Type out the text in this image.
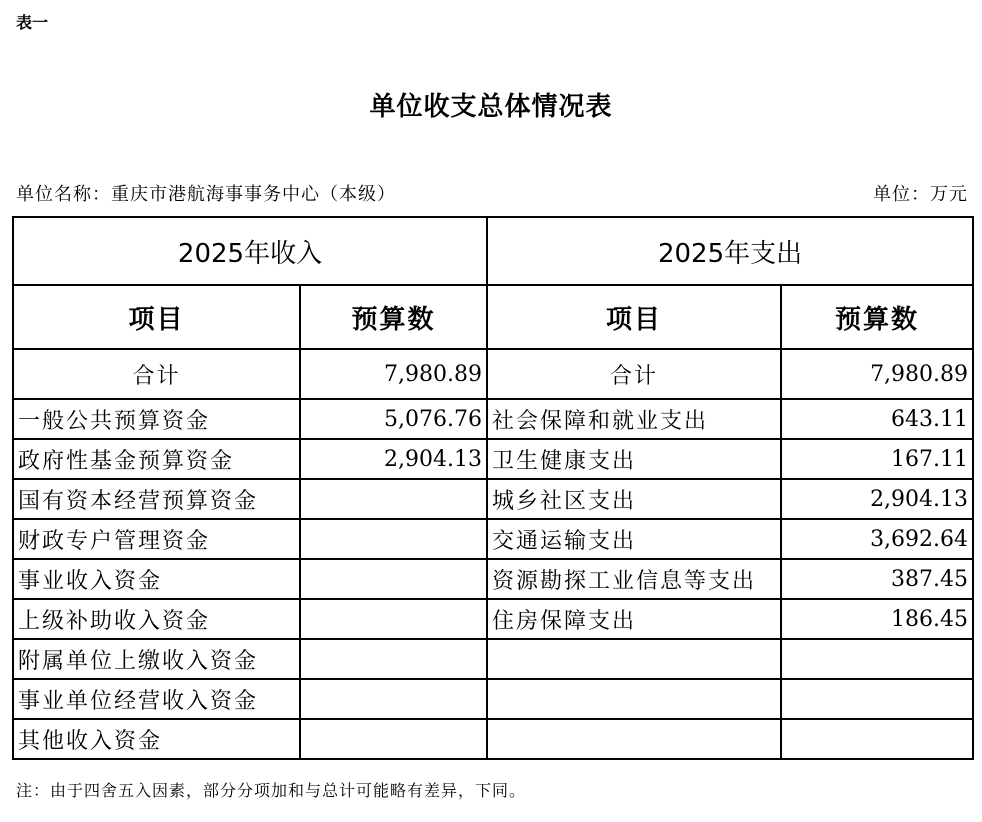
表一
单位收支总体情况表
单位名称：重庆市港航海事事务中心（本级）	单位：万元
2025年收入		2025年支出	
项目	预算数	项目	预算数
合计	7,980.89	合计	7,980.89
一般公共预算资金	5,076.76	社会保障和就业支出	643.11
政府性基金预算资金	2,904.13	卫生健康支出	167.11
国有资本经营预算资金		城乡社区支出	2,904.13
财政专户管理资金		交通运输支出	3,692.64
事业收入资金		资源勘探工业信息等支出	387.45
上级补助收入资金		住房保障支出	186.45
附属单位上缴收入资金			
事业单位经营收入资金			
其他收入资金			
注：由于四舍五入因素，部分分项加和与总计可能略有差异，下同。
